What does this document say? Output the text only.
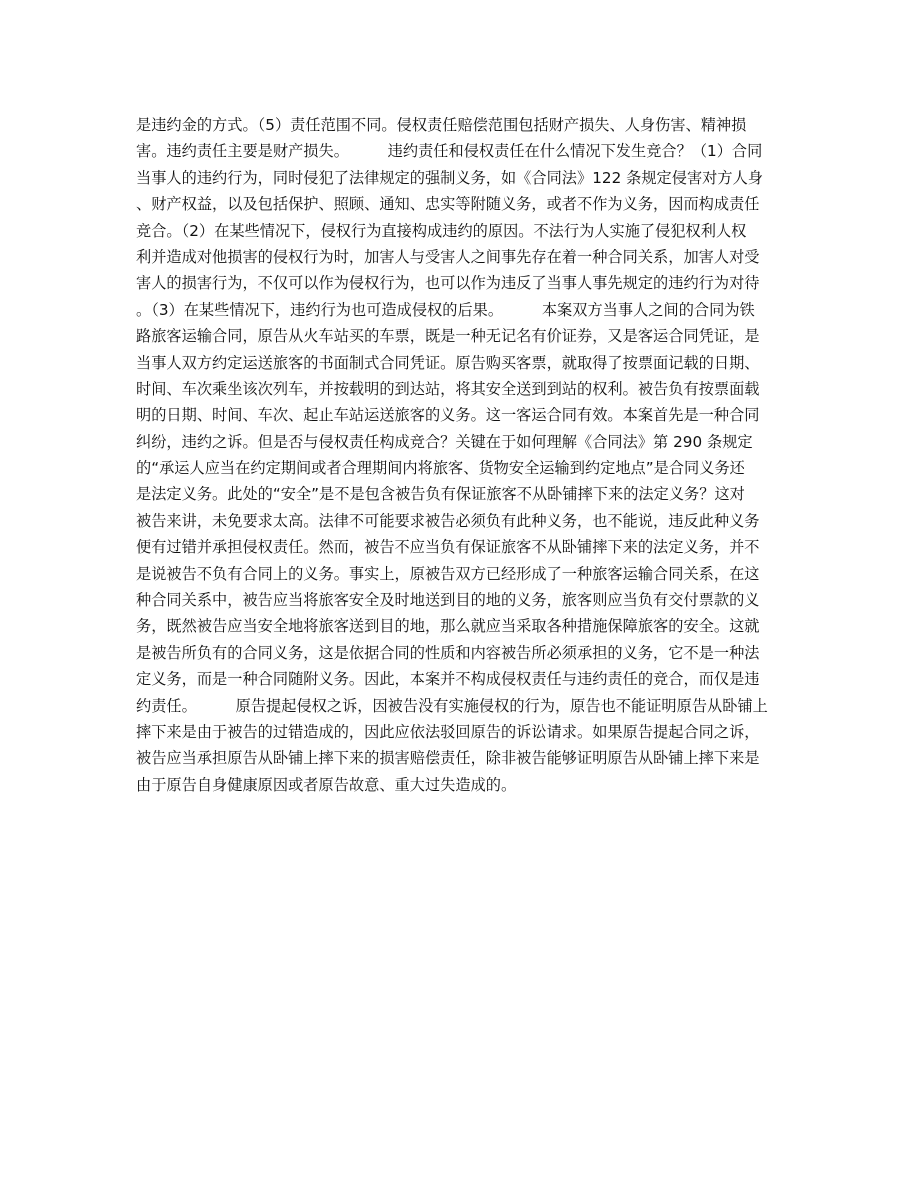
是违约金的方式。（5）责任范围不同。侵权责任赔偿范围包括财产损失、人身伤害、精神损
害。违约责任主要是财产损失。        违约责任和侵权责任在什么情况下发生竞合？（1）合同
当事人的违约行为，同时侵犯了法律规定的强制义务，如《合同法》122 条规定侵害对方人身
、财产权益，以及包括保护、照顾、通知、忠实等附随义务，或者不作为义务，因而构成责任
竞合。（2）在某些情况下，侵权行为直接构成违约的原因。不法行为人实施了侵犯权利人权
利并造成对他损害的侵权行为时，加害人与受害人之间事先存在着一种合同关系，加害人对受
害人的损害行为，不仅可以作为侵权行为，也可以作为违反了当事人事先规定的违约行为对待
。（3）在某些情况下，违约行为也可造成侵权的后果。        本案双方当事人之间的合同为铁
路旅客运输合同，原告从火车站买的车票，既是一种无记名有价证券，又是客运合同凭证，是
当事人双方约定运送旅客的书面制式合同凭证。原告购买客票，就取得了按票面记载的日期、
时间、车次乘坐该次列车，并按载明的到达站，将其安全送到到站的权利。被告负有按票面载
明的日期、时间、车次、起止车站运送旅客的义务。这一客运合同有效。本案首先是一种合同
纠纷，违约之诉。但是否与侵权责任构成竞合？关键在于如何理解《合同法》第 290 条规定
的“承运人应当在约定期间或者合理期间内将旅客、货物安全运输到约定地点”是合同义务还
是法定义务。此处的“安全”是不是包含被告负有保证旅客不从卧铺摔下来的法定义务？这对
被告来讲，未免要求太高。法律不可能要求被告必须负有此种义务，也不能说，违反此种义务
便有过错并承担侵权责任。然而，被告不应当负有保证旅客不从卧铺摔下来的法定义务，并不
是说被告不负有合同上的义务。事实上，原被告双方已经形成了一种旅客运输合同关系，在这
种合同关系中，被告应当将旅客安全及时地送到目的地的义务，旅客则应当负有交付票款的义
务，既然被告应当安全地将旅客送到目的地，那么就应当采取各种措施保障旅客的安全。这就
是被告所负有的合同义务，这是依据合同的性质和内容被告所必须承担的义务，它不是一种法
定义务，而是一种合同随附义务。因此，本案并不构成侵权责任与违约责任的竞合，而仅是违
约责任。        原告提起侵权之诉，因被告没有实施侵权的行为，原告也不能证明原告从卧铺上
摔下来是由于被告的过错造成的，因此应依法驳回原告的诉讼请求。如果原告提起合同之诉，
被告应当承担原告从卧铺上摔下来的损害赔偿责任，除非被告能够证明原告从卧铺上摔下来是
由于原告自身健康原因或者原告故意、重大过失造成的。
